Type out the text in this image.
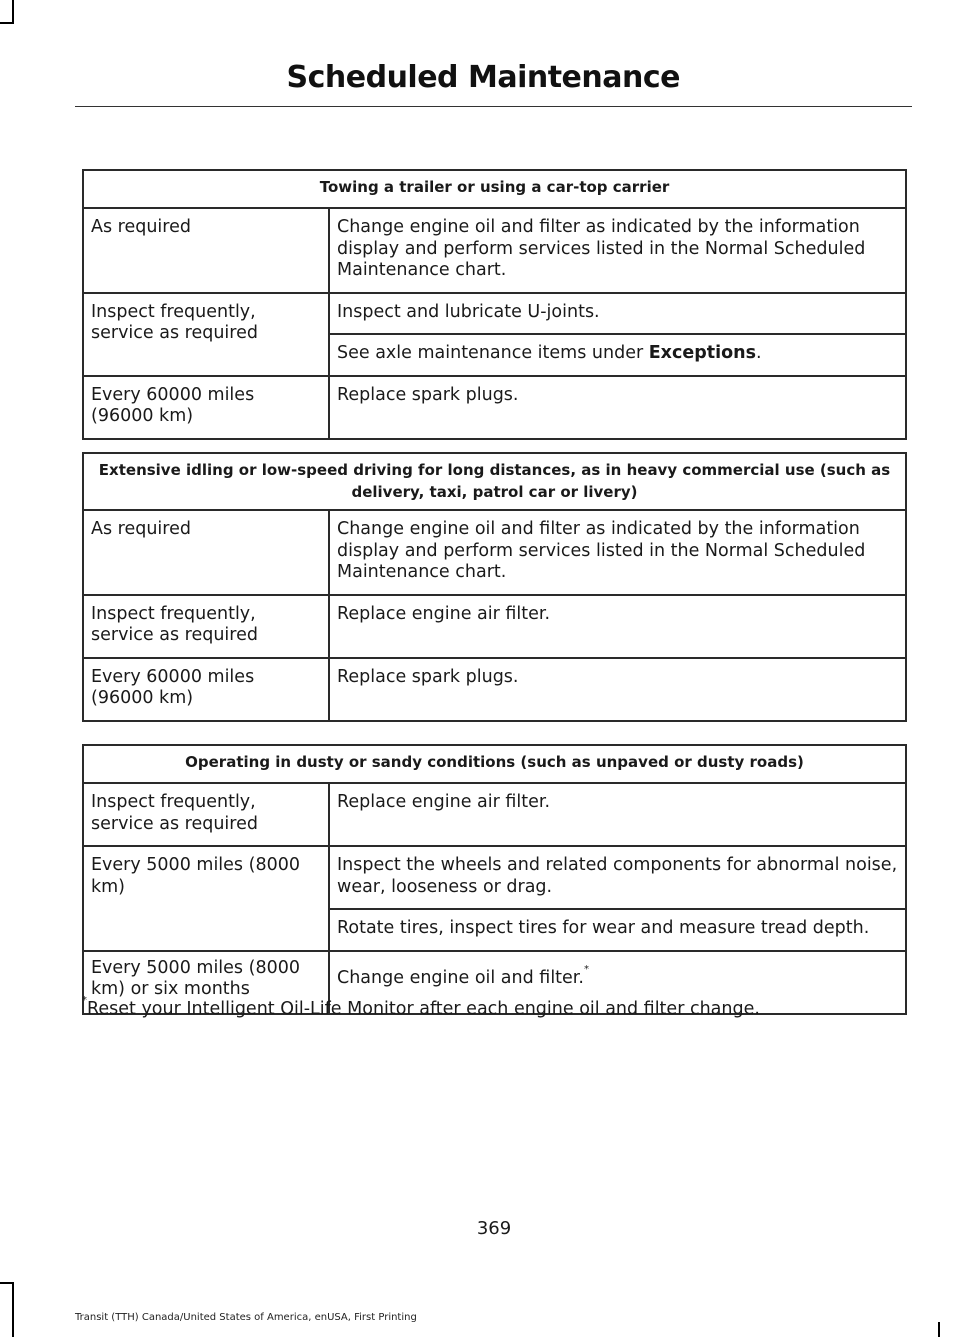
Scheduled Maintenance
Towing a trailer or using a car-top carrier	
As required	Change engine oil and filter as indicated by the information display and perform services listed in the Normal Scheduled Maintenance chart.
Inspect frequently, service as required	Inspect and lubricate U-joints.
	See axle maintenance items under Exceptions.
Every 60000 miles (96000 km)	Replace spark plugs.
Extensive idling or low-speed driving for long distances, as in heavy commercial use (such as delivery, taxi, patrol car or livery)	
As required	Change engine oil and filter as indicated by the information display and perform services listed in the Normal Scheduled Maintenance chart.
Inspect frequently, service as required	Replace engine air filter.
Every 60000 miles (96000 km)	Replace spark plugs.
Operating in dusty or sandy conditions (such as unpaved or dusty roads)	
Inspect frequently, service as required	Replace engine air filter.
Every 5000 miles (8000 km)	Inspect the wheels and related components for abnormal noise, wear, looseness or drag.
	Rotate tires, inspect tires for wear and measure tread depth.
Every 5000 miles (8000 km) or six months	Change engine oil and filter.*
*Reset your Intelligent Oil-Life Monitor after each engine oil and filter change.
369
Transit (TTH) Canada/United States of America, enUSA, First Printing
